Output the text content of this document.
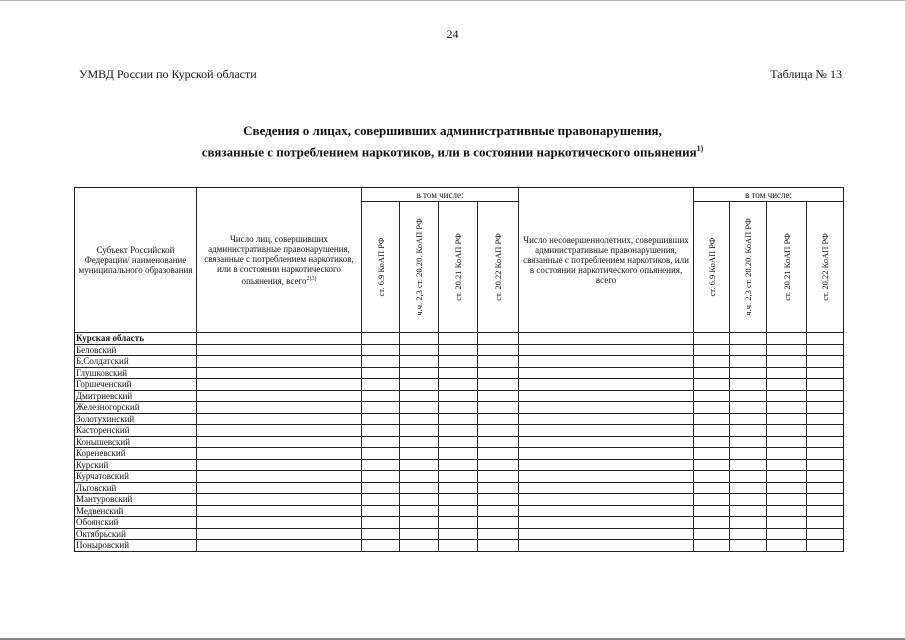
24
УМВД России по Курской области	Таблица № 13
Сведения о лицах, совершивших административные правонарушения,
связанные с потреблением наркотиков, или в состоянии наркотического опьянения$^{1)}$
Субъект Российской Федерации/ наименование муниципального образования	Число лиц, совершивших административные правонарушения, связанные с потреблением наркотиков, или в состоянии наркотического опьянения, всего$^{2)3)}$	в том числе:				Число несовершеннолетних, совершивших административные правонарушения, связанные с потреблением наркотиков, или в состоянии наркотического опьянения, всего	в том числе:			

		ст. 6.9 КоАП РФ	ч.ч. 2,3 ст. 20.20. КоАП РФ	ст. 20.21 КоАП РФ	ст. 20.22 КоАП РФ		ст. 6.9 КоАП РФ	ч.ч. 2,3 ст. 20.20. КоАП РФ	ст. 20.21 КоАП РФ	ст. 20.22 КоАП РФ

Курская область										
Беловский										
Б.Солдатский										
Глушковский										
Горшеченский										
Дмитриевский										
Железногорский										
Золотухинский										
Касторенский										
Конышевский										
Кореневский										
Курский										
Курчатовский										
Льговский										
Мантуровский										
Медвенский										
Обоянский										
Октябрьский										
Поныровский										
